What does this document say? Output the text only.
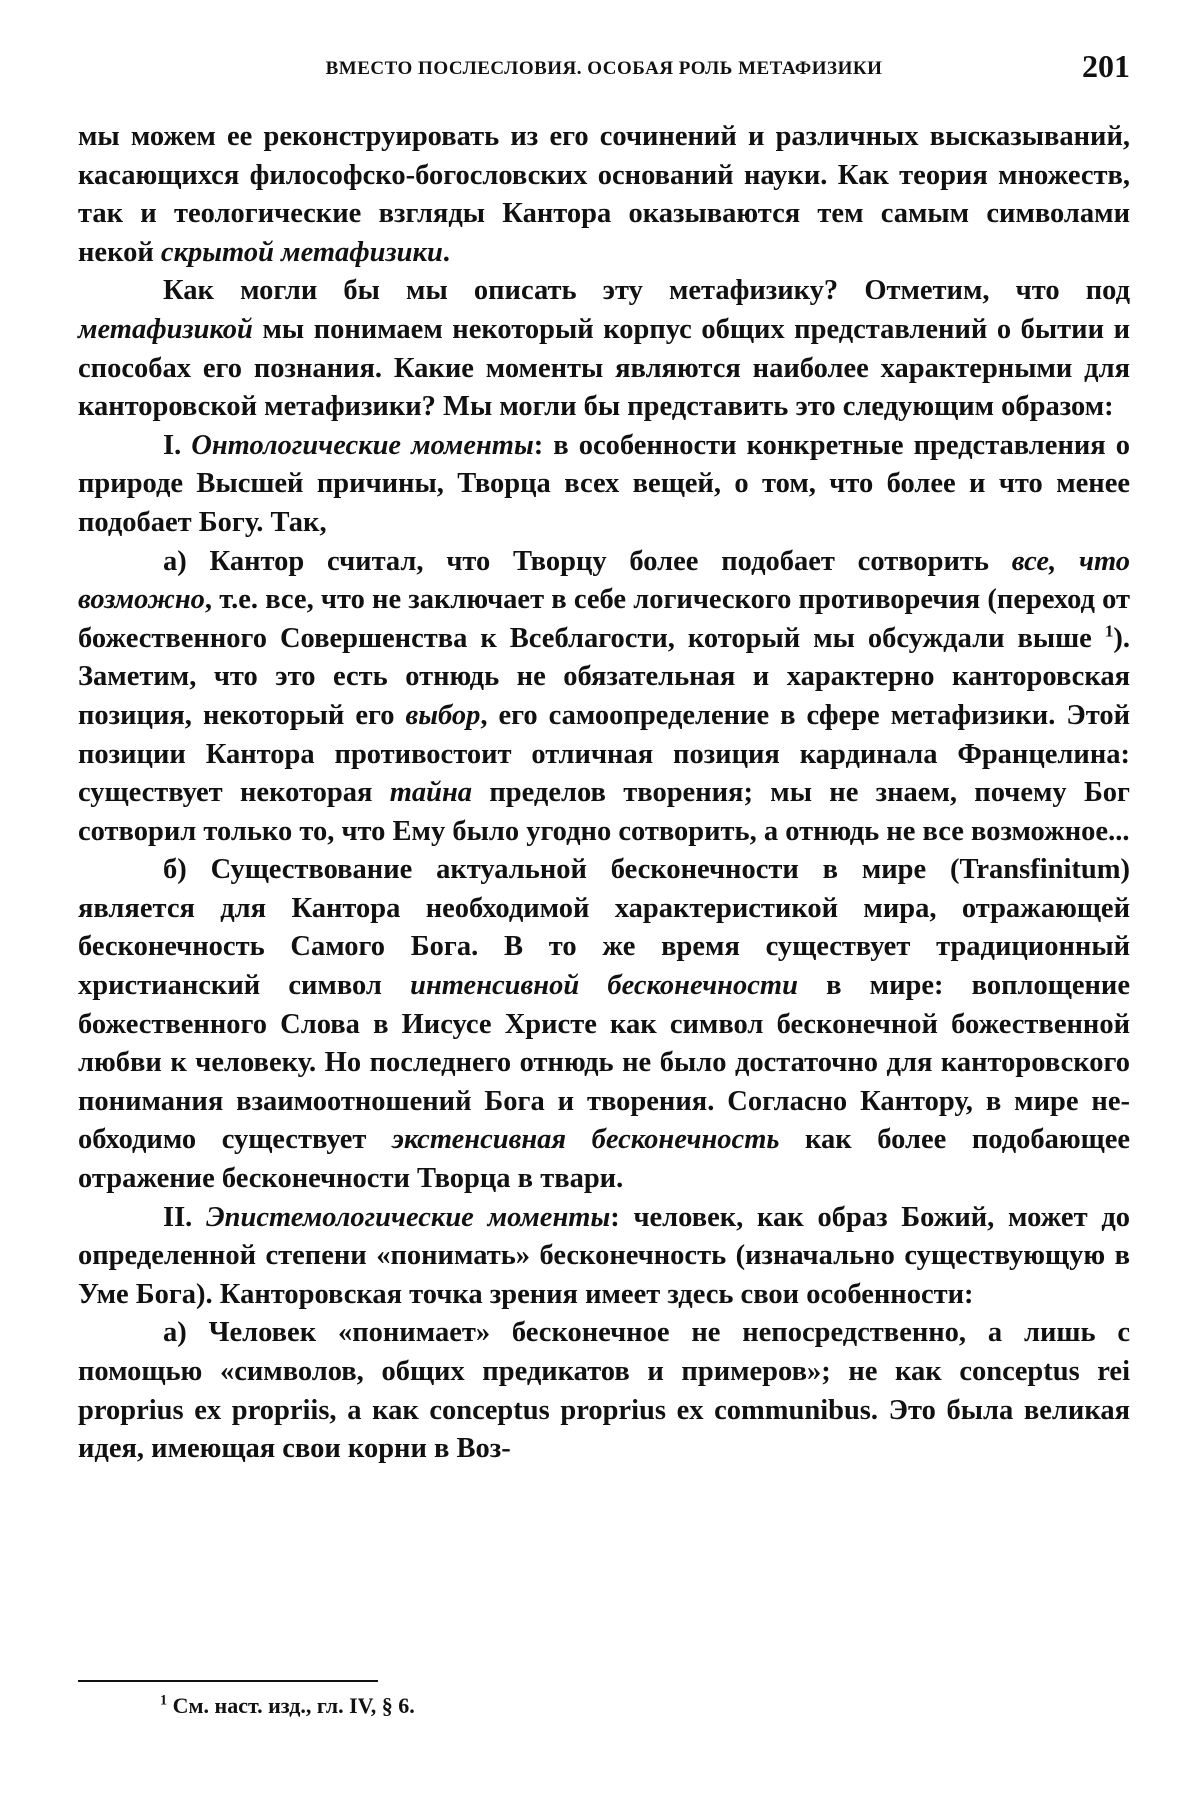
ВМЕСТО ПОСЛЕСЛОВИЯ. ОСОБАЯ РОЛЬ МЕТАФИЗИКИ	201

мы можем ее реконструировать из его сочинений и различных высказываний, касающихся философско-богословских оснований науки. Как теория множеств, так и теологические взгляды Кантора оказываются тем самым символами некой скрытой метафизики.

Как могли бы мы описать эту метафизику? Отметим, что под метафизикой мы понимаем некоторый корпус общих представлений о бытии и способах его познания. Какие моменты являются наиболее характерными для канторовской метафизики? Мы могли бы представить это следующим образом:

I. Онтологические моменты: в особенности конкретные представления о природе Высшей причины, Творца всех вещей, о том, что более и что менее подобает Богу. Так,

а) Кантор считал, что Творцу более подобает сотворить все, что возможно, т.е. все, что не заключает в себе логического противоречия (переход от божественного Совершенства к Всеблагости, который мы обсуждали выше $^1$). Заметим, что это есть отнюдь не обязательная и характерно канторовская позиция, некоторый его выбор, его самоопределение в сфере метафизики. Этой позиции Кантора противостоит отличная позиция кардинала Францелина: существует некоторая тайна пределов творения; мы не знаем, почему Бог сотворил только то, что Ему было угодно сотворить, а отнюдь не все возможное...

б) Существование актуальной бесконечности в мире (Transfinitum) является для Кантора необходимой характеристикой мира, отражающей бесконечность Самого Бога. В то же время существует традиционный христианский символ интенсивной бесконечности в мире: воплощение божественного Слова в Иисусе Христе как символ бесконечной божественной любви к человеку. Но последнего отнюдь не было достаточно для канторовского понимания взаимоотношений Бога и творения. Согласно Кантору, в мире необходимо существует экстенсивная бесконечность как более подобающее отражение бесконечности Творца в твари.

II. Эпистемологические моменты: человек, как образ Божий, может до определенной степени «понимать» бесконечность (изначально существующую в Уме Бога). Канторовская точка зрения имеет здесь свои особенности:

а) Человек «понимает» бесконечное не непосредственно, а лишь с помощью «символов, общих предикатов и примеров»; не как conceptus rei proprius ex propriis, а как conceptus proprius ex communibus. Это была великая идея, имеющая свои корни в Воз-

$^1$ См. наст. изд., гл. IV, § 6.
